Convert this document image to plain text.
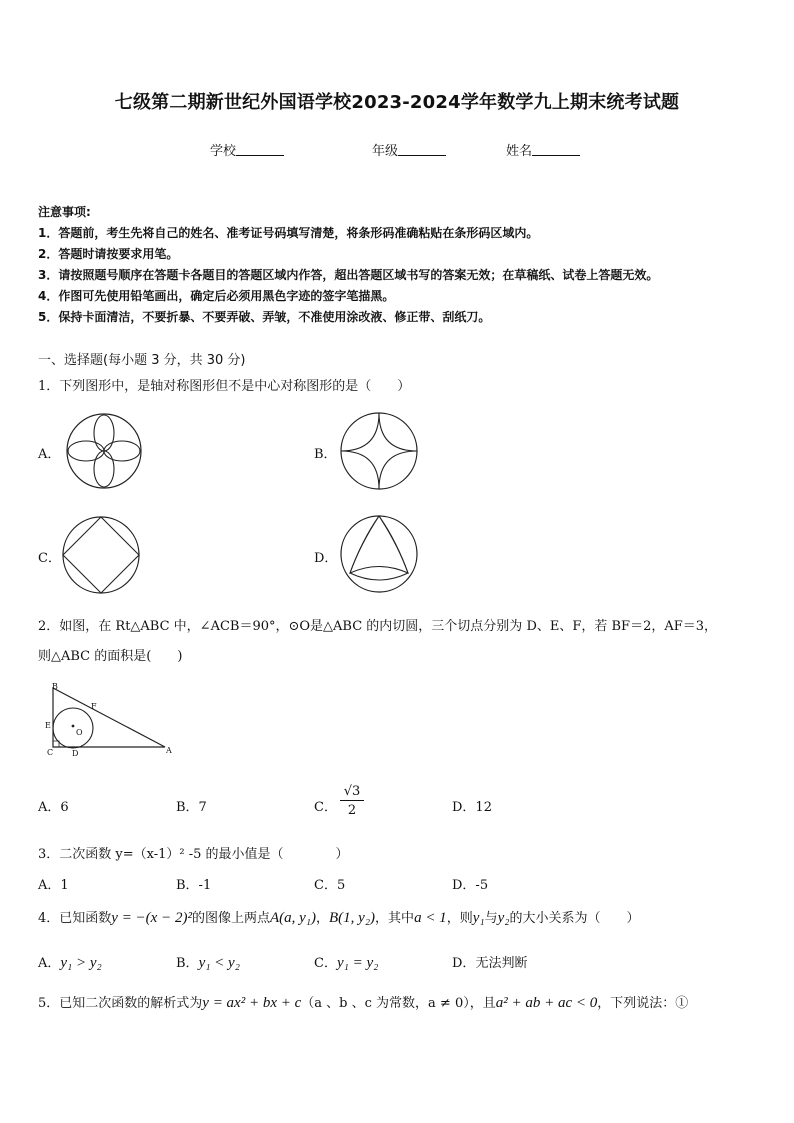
七级第二期新世纪外国语学校2023-2024学年数学九上期末统考试题
学校	年级	姓名
注意事项:
1．答题前，考生先将自己的姓名、准考证号码填写清楚，将条形码准确粘贴在条形码区域内。
2．答题时请按要求用笔。
3．请按照题号顺序在答题卡各题目的答题区域内作答，超出答题区域书写的答案无效；在草稿纸、试卷上答题无效。
4．作图可先使用铅笔画出，确定后必须用黑色字迹的签字笔描黑。
5．保持卡面清洁，不要折暴、不要弄破、弄皱，不准使用涂改液、修正带、刮纸刀。
一、选择题(每小题 3 分，共 30 分)
1．下列图形中，是轴对称图形但不是中心对称图形的是（　　）
A．	B．
C．	D．
2．如图，在 Rt△ABC 中，∠ACB＝90°，⊙O是△ABC 的内切圆，三个切点分别为 D、E、F，若 BF＝2，AF＝3，
则△ABC 的面积是(　　)
B
F
E
O
C D	A
A．6	B．7	C． $\frac{√3}{2}$	D．12
3．二次函数 y=（x-1）² -5 的最小值是（　　　　）
A．1	B．-1	C．5	D．-5
4．已知函数y = −(x − 2)²的图像上两点A(a, y₁)，B(1, y₂)，其中a < 1，则y₁与y₂的大小关系为（　　）
A．y₁ > y₂	B．y₁ < y₂	C．y₁ = y₂	D．无法判断
5．已知二次函数的解析式为y = ax² + bx + c（a 、b 、c 为常数，a ≠ 0），且a² + ab + ac < 0，下列说法：①
